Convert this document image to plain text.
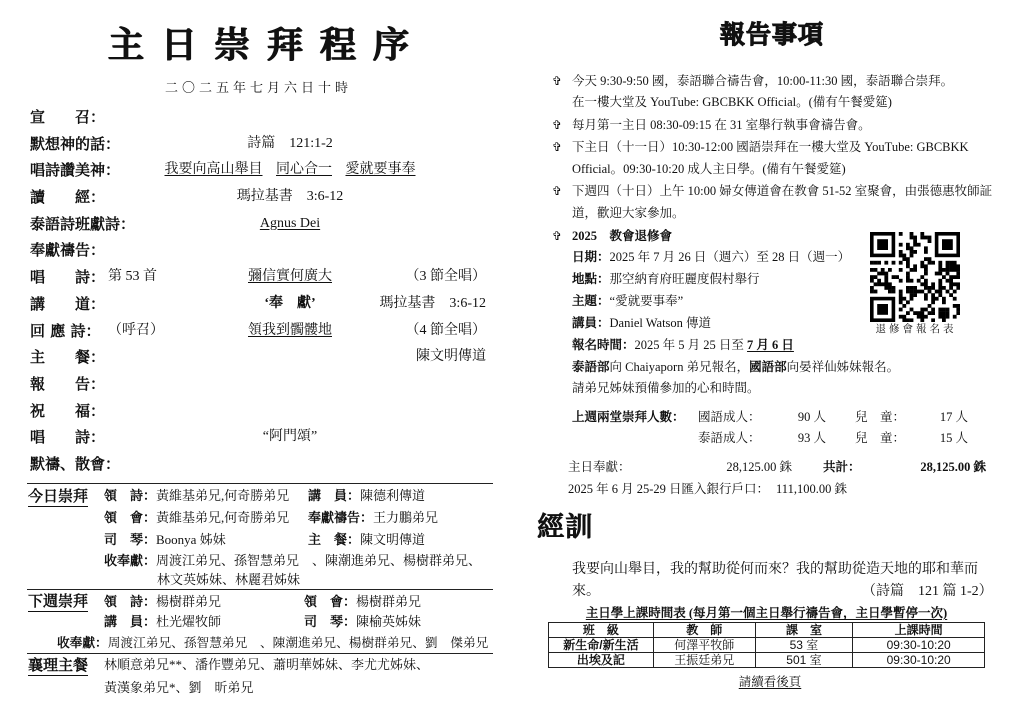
主日崇拜程序
二〇二五年七月六日十時
宣　　召：
默想神的話：	詩篇　121:1-2
唱詩讚美神：	我要向高山舉目 同心合一 愛就要事奉
讀　　經：	瑪拉基書　3:6-12
泰語詩班獻詩：	Agnus Dei
奉獻禱告：
唱　　詩： 第 53 首	彌信實何廣大	（3 節全唱）
講　　道：	‘奉　獻’	瑪拉基書　3:6-12
回 應 詩： （呼召）	領我到髑髏地	（4 節全唱）
主　　餐：	陳文明傳道
報　　告：
祝　　福：
唱　　詩：	“阿門頌”
默禱、散會：
今日崇拜 領　詩：黃維基弟兄,何奇勝弟兄 講　員：陳德利傳道
領　會：黃維基弟兄,何奇勝弟兄 奉獻禱告：王力鵬弟兄
司　琴：Boonya 姊妹	主　餐：陳文明傳道
收奉獻：周渡江弟兄、孫智慧弟兄　、陳潮進弟兄、楊樹群弟兄、
林文英姊妹、林麗君姊妹
下週崇拜 領　詩：楊樹群弟兄	領　會：楊樹群弟兄
講　員：杜光燿牧師	司　琴：陳榆英姊妹
收奉獻：周渡江弟兄、孫智慧弟兄　、陳潮進弟兄、楊樹群弟兄、劉　傑弟兄
襄理主餐 林順意弟兄**、潘作豐弟兄、蕭明華姊妹、李尤尤姊妹、
黃漢象弟兄*、劉　昕弟兄
報告事項
✞
今天 9:30-9:50 國，泰語聯合禱告會，10:00-11:30 國，泰語聯合崇拜。
在一樓大堂及 YouTube: GBCBKK Official。(備有午餐愛筵)
✞
每月第一主日 08:30-09:15 在 31 室舉行執事會禱告會。
✞
下主日（十一日）10:30-12:00 國語崇拜在一樓大堂及 YouTube: GBCBKK
Official。09:30-10:20 成人主日學。(備有午餐愛筵)
✞
下週四（十日）上午 10:00 婦女傳道會在教會 51-52 室聚會，由張德惠牧師証
道，歡迎大家參加。
✞
2025　教會退修會
日期：2025 年 7 月 26 日（週六）至 28 日（週一）
地點：那空納育府旺麗度假村舉行
主題：“愛就要事奉”
講員：Daniel Watson 傳道
報名時間：2025 年 5 月 25 日至 7 月 6 日
泰語部向 Chaiyaporn 弟兄報名，國語部向晏祥仙姊妹報名。
請弟兄姊妹預備參加的心和時間。
退修會報名表
上週兩堂崇拜人數： 國語成人：	90 人 兒　童：	17 人
泰語成人：	93 人 兒　童：	15 人
主日奉獻：	28,125.00 銖 共計：	28,125.00 銖
2025 年 6 月 25-29 日匯入銀行戶口： 111,100.00 銖
經訓
我要向山舉目，我的幫助從何而來？我的幫助從造天地的耶和華而
來。	（詩篇　121 篇 1-2）
主日學上課時間表 (每月第一個主日舉行禱告會，主日學暫停一次)
班　級	教　師	課　室	上課時間
新生命/新生活	何澤平牧師	53 室	09:30-10:20
出埃及記	王振廷弟兄	501 室	09:30-10:20
請續看後頁
